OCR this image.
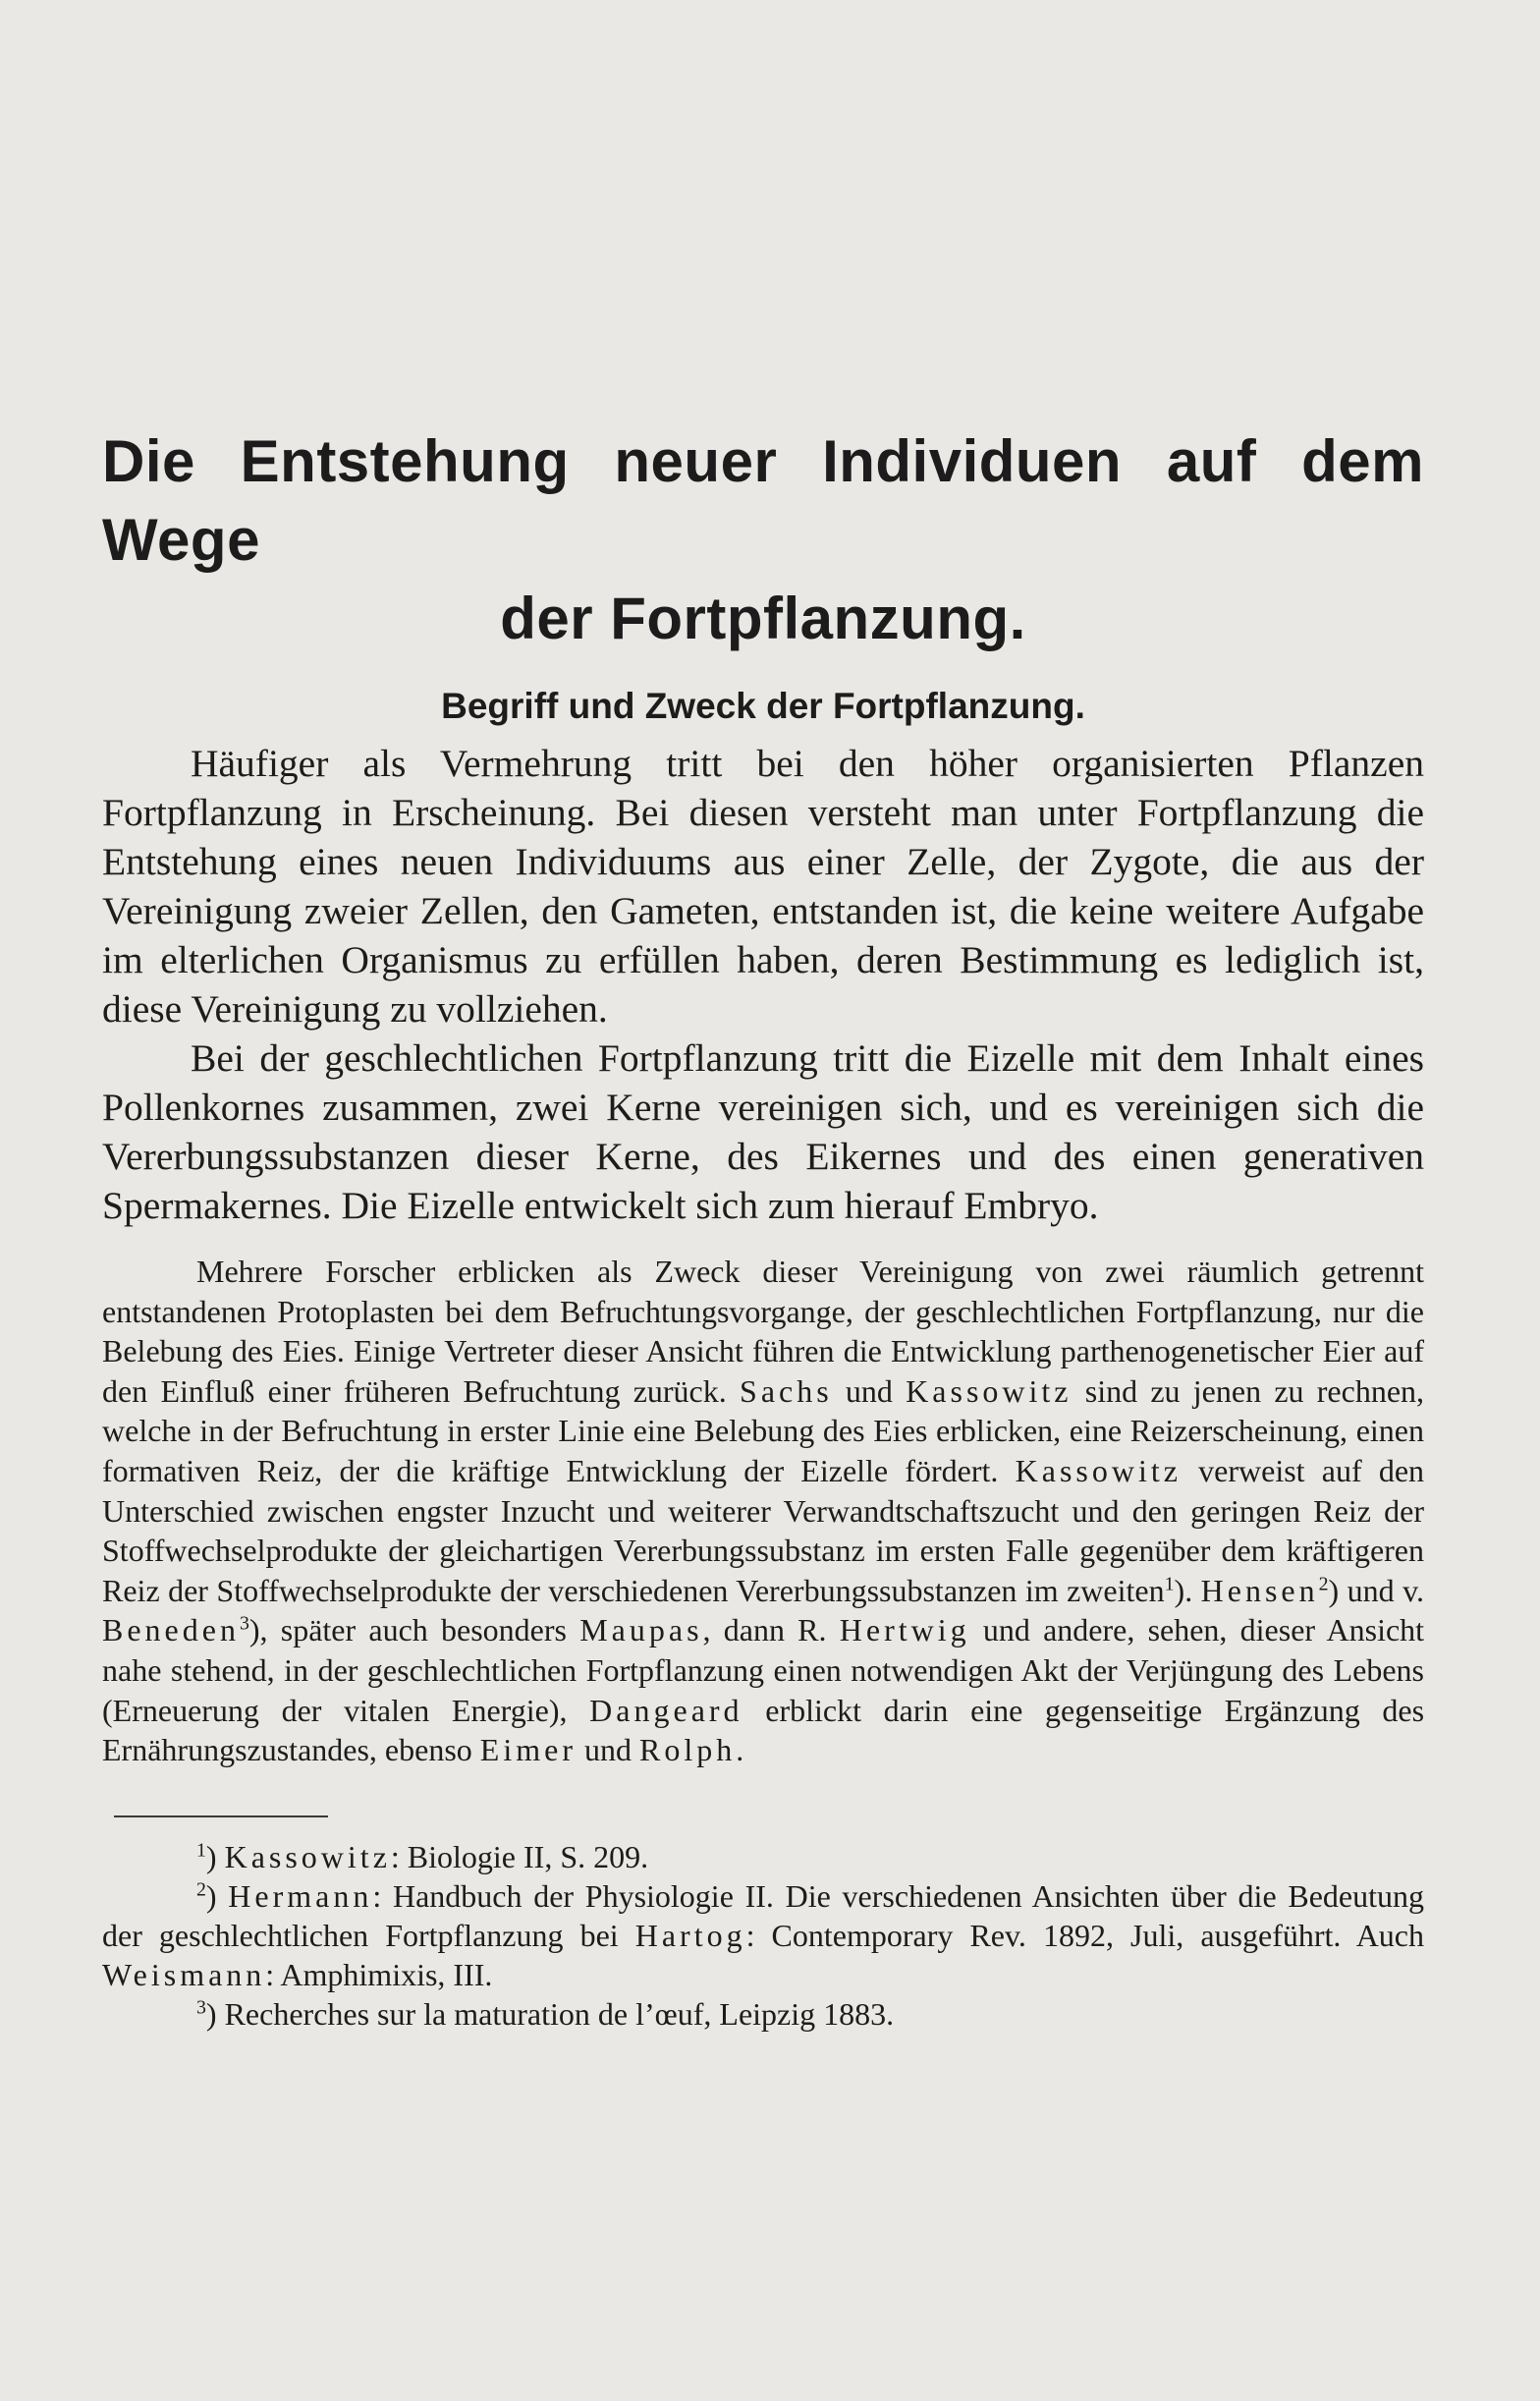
Die Entstehung neuer Individuen auf dem Wege
der Fortpflanzung.
Begriff und Zweck der Fortpflanzung.

Häufiger als Vermehrung tritt bei den höher organisierten Pflanzen Fortpflanzung in Erscheinung. Bei diesen versteht man unter Fortpflanzung die Entstehung eines neuen Individuums aus einer Zelle, der Zygote, die aus der Vereinigung zweier Zellen, den Gameten, entstanden ist, die keine weitere Aufgabe im elterlichen Organismus zu erfüllen haben, deren Bestimmung es lediglich ist, diese Vereinigung zu vollziehen.

Bei der geschlechtlichen Fortpflanzung tritt die Eizelle mit dem Inhalt eines Pollenkornes zusammen, zwei Kerne vereinigen sich, und es vereinigen sich die Vererbungssubstanzen dieser Kerne, des Eikernes und des einen generativen Spermakernes. Die Eizelle entwickelt sich zum hierauf Embryo.

Mehrere Forscher erblicken als Zweck dieser Vereinigung von zwei räumlich getrennt entstandenen Protoplasten bei dem Befruchtungsvorgange, der geschlechtlichen Fortpflanzung, nur die Belebung des Eies. Einige Vertreter dieser Ansicht führen die Entwicklung parthenogenetischer Eier auf den Einfluß einer früheren Befruchtung zurück. Sachs und Kassowitz sind zu jenen zu rechnen, welche in der Befruchtung in erster Linie eine Belebung des Eies erblicken, eine Reizerscheinung, einen formativen Reiz, der die kräftige Entwicklung der Eizelle fördert. Kassowitz verweist auf den Unterschied zwischen engster Inzucht und weiterer Verwandtschaftszucht und den geringen Reiz der Stoffwechselprodukte der gleichartigen Vererbungssubstanz im ersten Falle gegenüber dem kräftigeren Reiz der Stoffwechselprodukte der verschiedenen Vererbungssubstanzen im zweiten$^1$). Hensen$^2$) und v. Beneden$^3$), später auch besonders Maupas, dann R. Hertwig und andere, sehen, dieser Ansicht nahe stehend, in der geschlechtlichen Fortpflanzung einen notwendigen Akt der Verjüngung des Lebens (Erneuerung der vitalen Energie), Dangeard erblickt darin eine gegenseitige Ergänzung des Ernährungszustandes, ebenso Eimer und Rolph.

$^1$) Kassowitz: Biologie II, S. 209.

$^2$) Hermann: Handbuch der Physiologie II. Die verschiedenen Ansichten über die Bedeutung der geschlechtlichen Fortpflanzung bei Hartog: Contemporary Rev. 1892, Juli, ausgeführt. Auch Weismann: Amphimixis, III.

$^3$) Recherches sur la maturation de l’œuf, Leipzig 1883.
